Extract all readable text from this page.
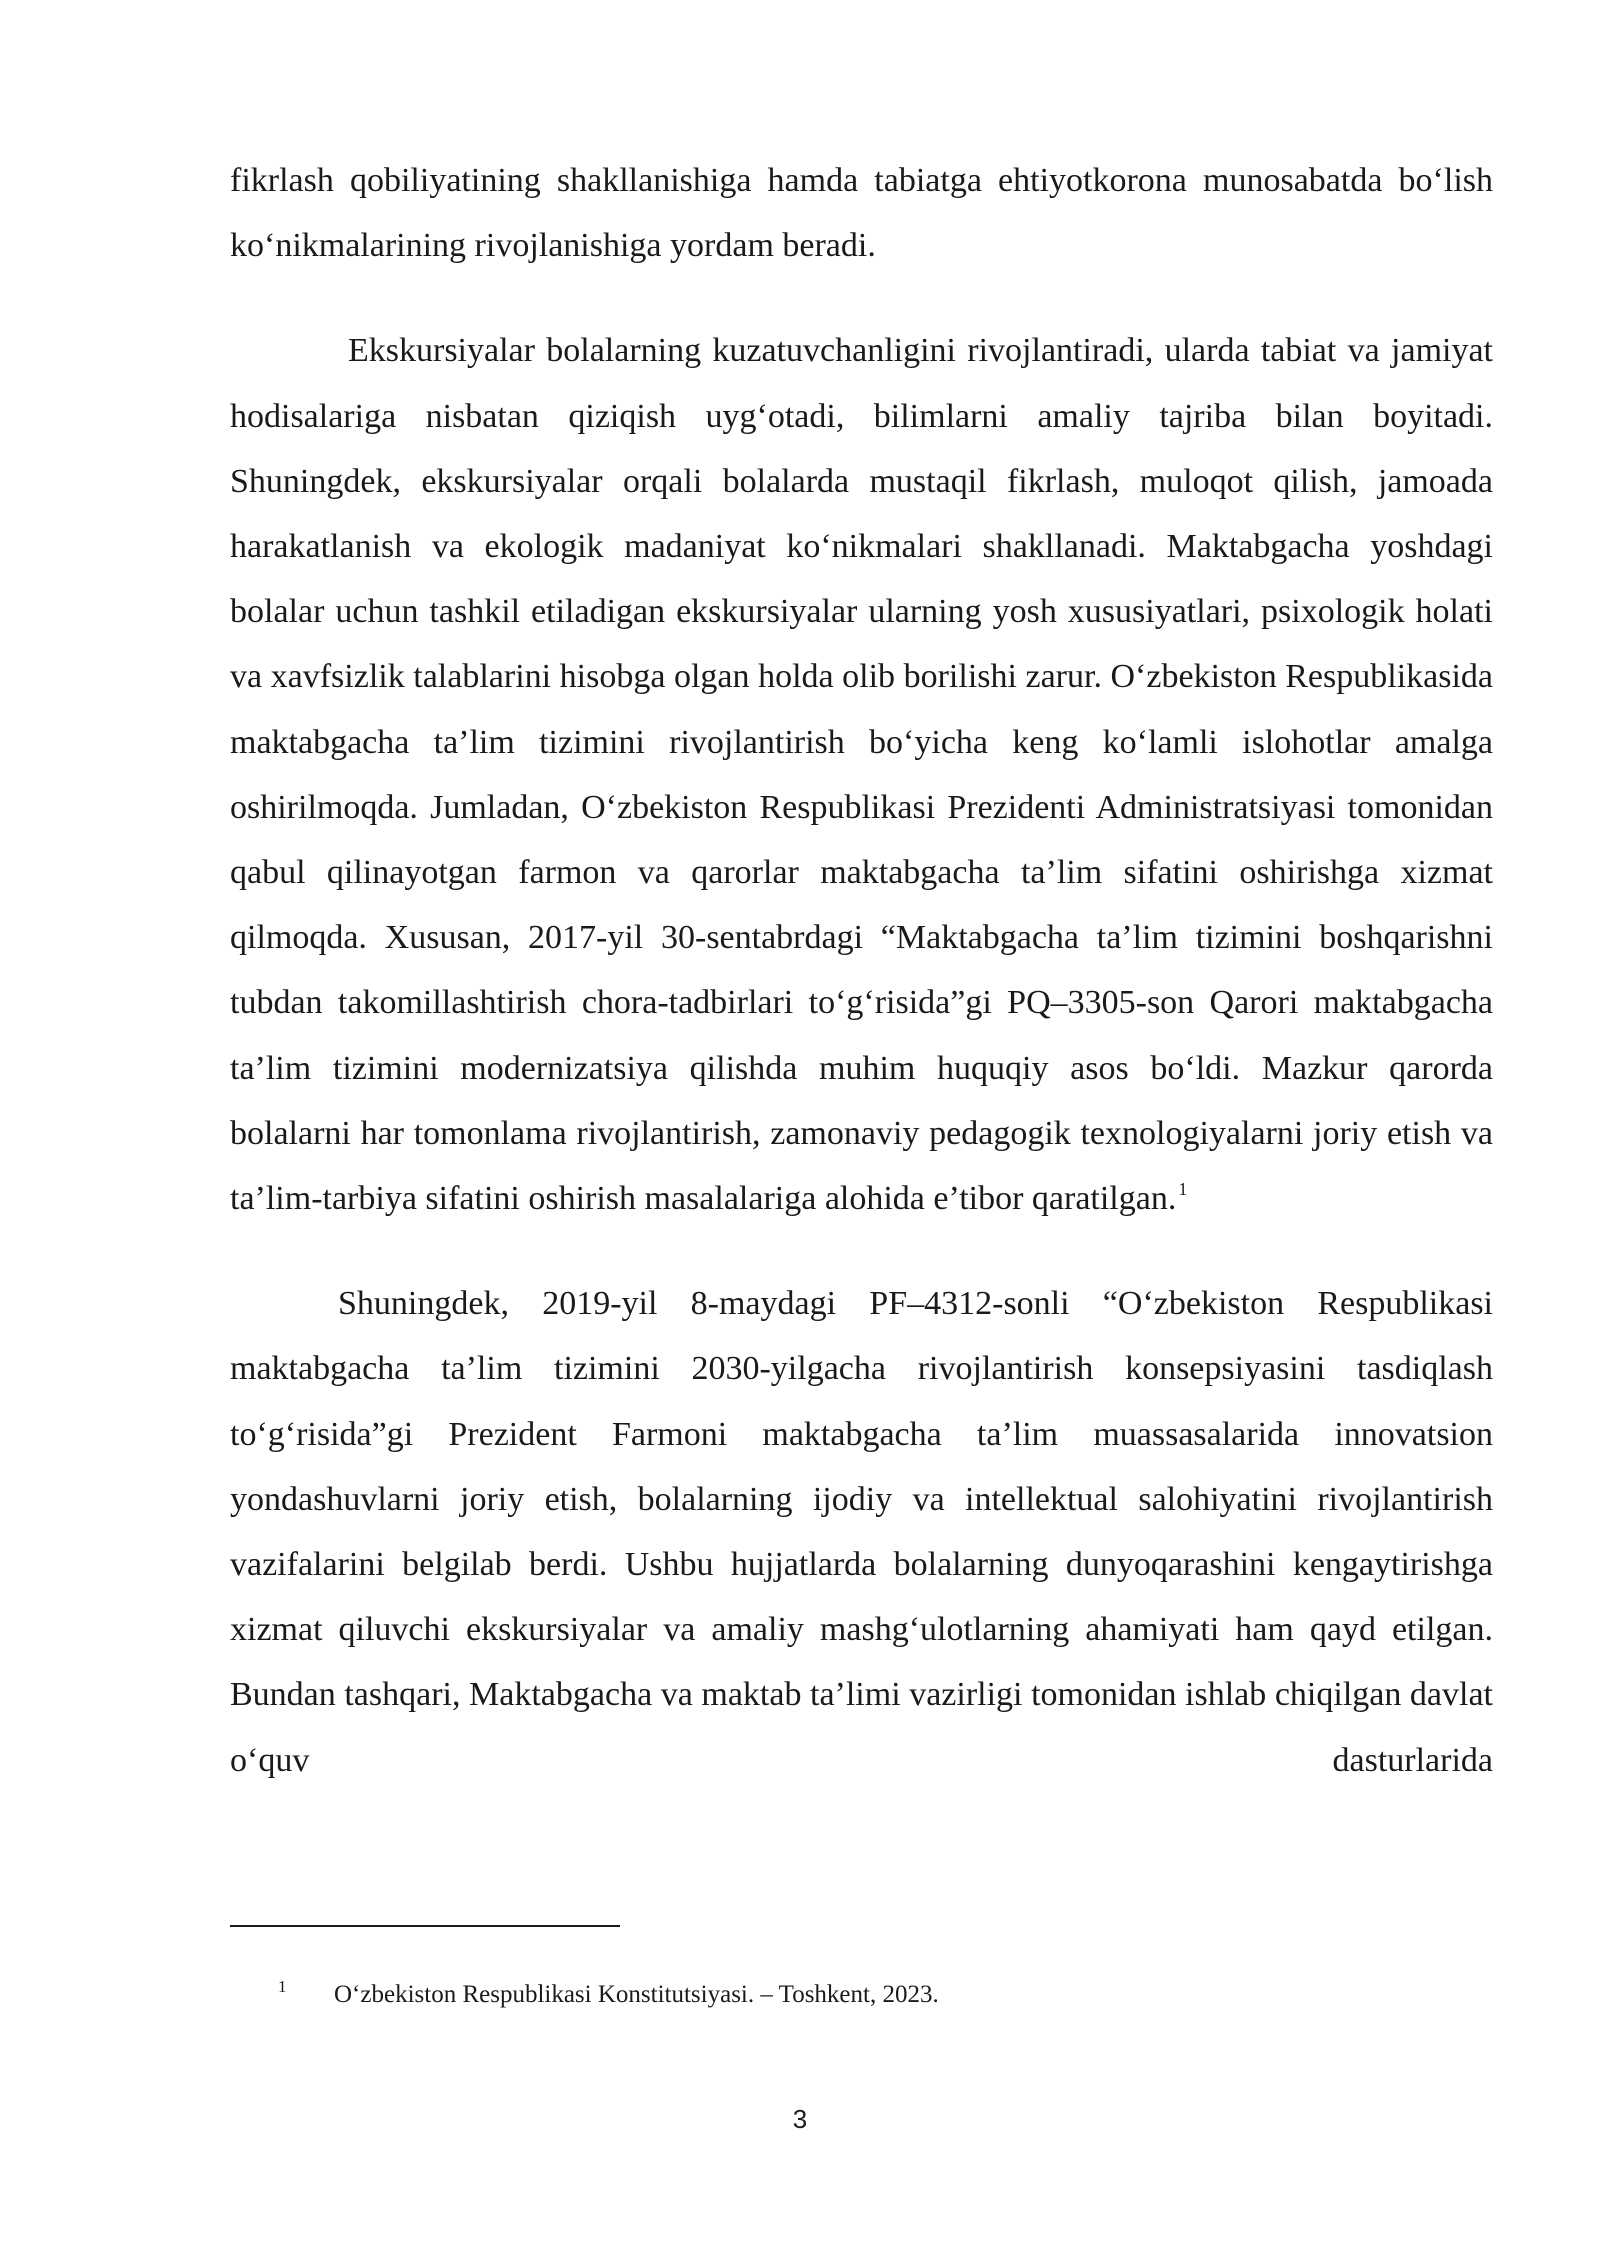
fikrlash qobiliyatining shakllanishiga hamda tabiatga ehtiyotkorona munosabatda bo‘lish ko‘nikmalarining rivojlanishiga yordam beradi.

Ekskursiyalar bolalarning kuzatuvchanligini rivojlantiradi, ularda tabiat va jamiyat hodisalariga nisbatan qiziqish uyg‘otadi, bilimlarni amaliy tajriba bilan boyitadi. Shuningdek, ekskursiyalar orqali bolalarda mustaqil fikrlash, muloqot qilish, jamoada harakatlanish va ekologik madaniyat ko‘nikmalari shakllanadi. Maktabgacha yoshdagi bolalar uchun tashkil etiladigan ekskursiyalar ularning yosh xususiyatlari, psixologik holati va xavfsizlik talablarini hisobga olgan holda olib borilishi zarur. O‘zbekiston Respublikasida maktabgacha ta’lim tizimini rivojlantirish bo‘yicha keng ko‘lamli islohotlar amalga oshirilmoqda. Jumladan, O‘zbekiston Respublikasi Prezidenti Administratsiyasi tomonidan qabul qilinayotgan farmon va qarorlar maktabgacha ta’lim sifatini oshirishga xizmat qilmoqda. Xususan, 2017-yil 30-sentabrdagi “Maktabgacha ta’lim tizimini boshqarishni tubdan takomillashtirish chora-tadbirlari to‘g‘risida”gi PQ–3305-son Qarori maktabgacha ta’lim tizimini modernizatsiya qilishda muhim huquqiy asos bo‘ldi. Mazkur qarorda bolalarni har tomonlama rivojlantirish, zamonaviy pedagogik texnologiyalarni joriy etish va ta’lim-tarbiya sifatini oshirish masalalariga alohida e’tibor qaratilgan. $^1$

Shuningdek, 2019-yil 8-maydagi PF–4312-sonli “O‘zbekiston Respublikasi maktabgacha ta’lim tizimini 2030-yilgacha rivojlantirish konsepsiyasini tasdiqlash to‘g‘risida”gi Prezident Farmoni maktabgacha ta’lim muassasalarida innovatsion yondashuvlarni joriy etish, bolalarning ijodiy va intellektual salohiyatini rivojlantirish vazifalarini belgilab berdi. Ushbu hujjatlarda bolalarning dunyoqarashini kengaytirishga xizmat qiluvchi ekskursiyalar va amaliy mashg‘ulotlarning ahamiyati ham qayd etilgan. Bundan tashqari, Maktabgacha va maktab ta’limi vazirligi tomonidan ishlab chiqilgan davlat o‘quv dasturlarida

1 O‘zbekiston Respublikasi Konstitutsiyasi. – Toshkent, 2023.
3
